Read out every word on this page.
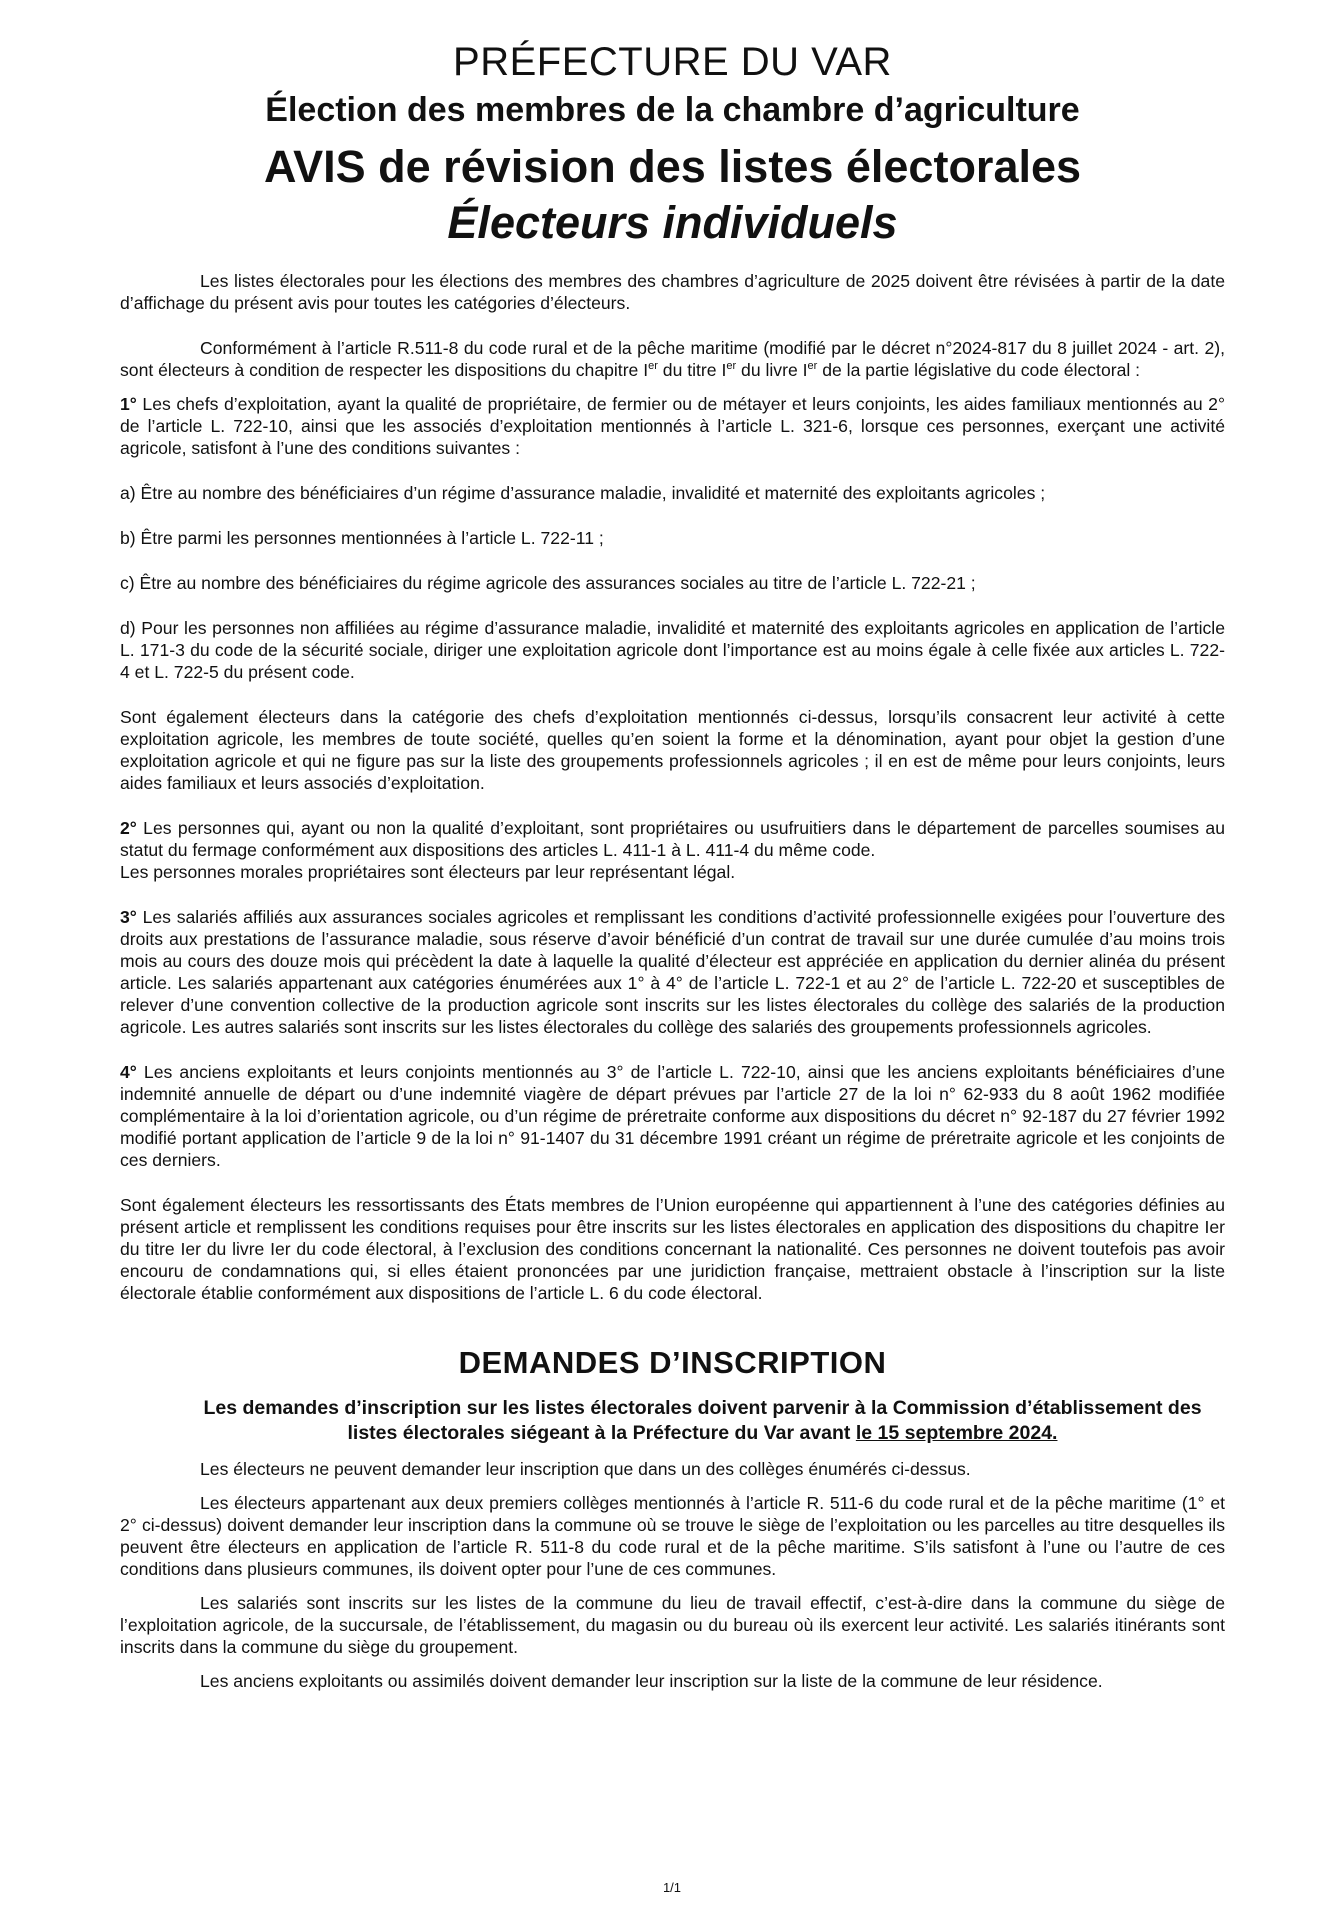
PRÉFECTURE DU VAR
Élection des membres de la chambre d’agriculture
AVIS de révision des listes électorales
Électeurs individuels

Les listes électorales pour les élections des membres des chambres d’agriculture de 2025 doivent être révisées à partir de la date d’affichage du présent avis pour toutes les catégories d’électeurs.

Conformément à l’article R.511-8 du code rural et de la pêche maritime (modifié par le décret n°2024-817 du 8 juillet 2024 - art. 2), sont électeurs à condition de respecter les dispositions du chapitre Ier du titre Ier du livre Ier de la partie législative du code électoral :

1° Les chefs d’exploitation, ayant la qualité de propriétaire, de fermier ou de métayer et leurs conjoints, les aides familiaux mentionnés au 2° de l’article L. 722-10, ainsi que les associés d’exploitation mentionnés à l’article L. 321-6, lorsque ces personnes, exerçant une activité agricole, satisfont à l’une des conditions suivantes :

a) Être au nombre des bénéficiaires d’un régime d’assurance maladie, invalidité et maternité des exploitants agricoles ;

b) Être parmi les personnes mentionnées à l’article L. 722-11 ;

c) Être au nombre des bénéficiaires du régime agricole des assurances sociales au titre de l’article L. 722-21 ;

d) Pour les personnes non affiliées au régime d’assurance maladie, invalidité et maternité des exploitants agricoles en application de l’article L. 171-3 du code de la sécurité sociale, diriger une exploitation agricole dont l’importance est au moins égale à celle fixée aux articles L. 722-4 et L. 722-5 du présent code.

Sont également électeurs dans la catégorie des chefs d’exploitation mentionnés ci-dessus, lorsqu’ils consacrent leur activité à cette exploitation agricole, les membres de toute société, quelles qu’en soient la forme et la dénomination, ayant pour objet la gestion d’une exploitation agricole et qui ne figure pas sur la liste des groupements professionnels agricoles ; il en est de même pour leurs conjoints, leurs aides familiaux et leurs associés d’exploitation.

2° Les personnes qui, ayant ou non la qualité d’exploitant, sont propriétaires ou usufruitiers dans le département de parcelles soumises au statut du fermage conformément aux dispositions des articles L. 411-1 à L. 411-4 du même code.

Les personnes morales propriétaires sont électeurs par leur représentant légal.

3° Les salariés affiliés aux assurances sociales agricoles et remplissant les conditions d’activité professionnelle exigées pour l’ouverture des droits aux prestations de l’assurance maladie, sous réserve d’avoir bénéficié d’un contrat de travail sur une durée cumulée d’au moins trois mois au cours des douze mois qui précèdent la date à laquelle la qualité d’électeur est appréciée en application du dernier alinéa du présent article. Les salariés appartenant aux catégories énumérées aux 1° à 4° de l’article L. 722-1 et au 2° de l’article L. 722-20 et susceptibles de relever d’une convention collective de la production agricole sont inscrits sur les listes électorales du collège des salariés de la production agricole. Les autres salariés sont inscrits sur les listes électorales du collège des salariés des groupements professionnels agricoles.

4° Les anciens exploitants et leurs conjoints mentionnés au 3° de l’article L. 722-10, ainsi que les anciens exploitants bénéficiaires d’une indemnité annuelle de départ ou d’une indemnité viagère de départ prévues par l’article 27 de la loi n° 62-933 du 8 août 1962 modifiée complémentaire à la loi d’orientation agricole, ou d’un régime de préretraite conforme aux dispositions du décret n° 92-187 du 27 février 1992 modifié portant application de l’article 9 de la loi n° 91-1407 du 31 décembre 1991 créant un régime de préretraite agricole et les conjoints de ces derniers.

Sont également électeurs les ressortissants des États membres de l’Union européenne qui appartiennent à l’une des catégories définies au présent article et remplissent les conditions requises pour être inscrits sur les listes électorales en application des dispositions du chapitre Ier du titre Ier du livre Ier du code électoral, à l’exclusion des conditions concernant la nationalité. Ces personnes ne doivent toutefois pas avoir encouru de condamnations qui, si elles étaient prononcées par une juridiction française, mettraient obstacle à l’inscription sur la liste électorale établie conformément aux dispositions de l’article L. 6 du code électoral.

DEMANDES D’INSCRIPTION

Les demandes d’inscription sur les listes électorales doivent parvenir à la Commission d’établissement des listes électorales siégeant à la Préfecture du Var avant le 15 septembre 2024.

Les électeurs ne peuvent demander leur inscription que dans un des collèges énumérés ci-dessus.

Les électeurs appartenant aux deux premiers collèges mentionnés à l’article R. 511-6 du code rural et de la pêche maritime (1° et 2° ci-dessus) doivent demander leur inscription dans la commune où se trouve le siège de l’exploitation ou les parcelles au titre desquelles ils peuvent être électeurs en application de l’article R. 511-8 du code rural et de la pêche maritime. S’ils satisfont à l’une ou l’autre de ces conditions dans plusieurs communes, ils doivent opter pour l’une de ces communes.

Les salariés sont inscrits sur les listes de la commune du lieu de travail effectif, c’est-à-dire dans la commune du siège de l’exploitation agricole, de la succursale, de l’établissement, du magasin ou du bureau où ils exercent leur activité. Les salariés itinérants sont inscrits dans la commune du siège du groupement.

Les anciens exploitants ou assimilés doivent demander leur inscription sur la liste de la commune de leur résidence.

1/1
